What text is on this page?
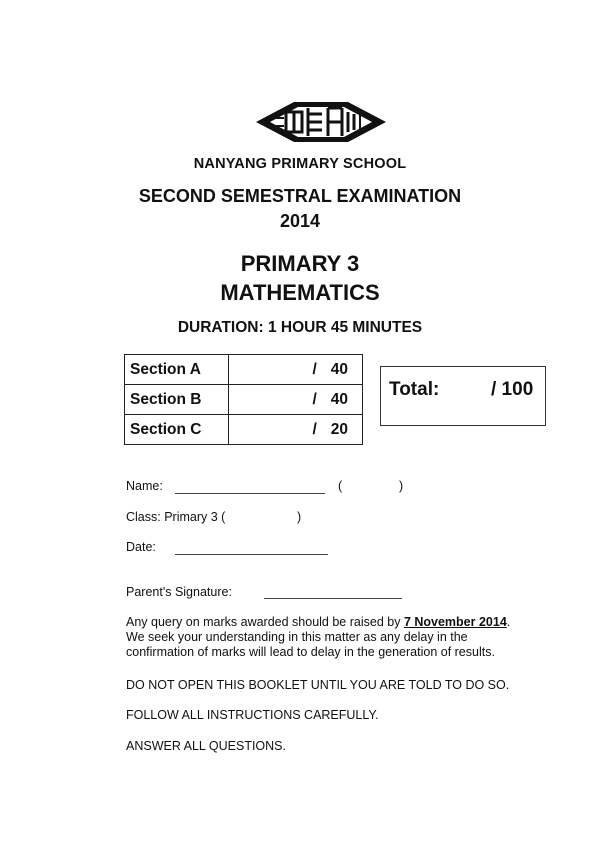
NANYANG PRIMARY SCHOOL
SECOND SEMESTRAL EXAMINATION
2014
PRIMARY 3
MATHEMATICS
DURATION: 1 HOUR 45 MINUTES
Section A	/ 40
Section B	/ 40
Section C	/ 20
Total:	/ 100
Name:	(	)
Class: Primary 3 (	)
Date:
Parent's Signature:
Any query on marks awarded should be raised by 7 November 2014.
We seek your understanding in this matter as any delay in the
confirmation of marks will lead to delay in the generation of results.
DO NOT OPEN THIS BOOKLET UNTIL YOU ARE TOLD TO DO SO.
FOLLOW ALL INSTRUCTIONS CAREFULLY.
ANSWER ALL QUESTIONS.
